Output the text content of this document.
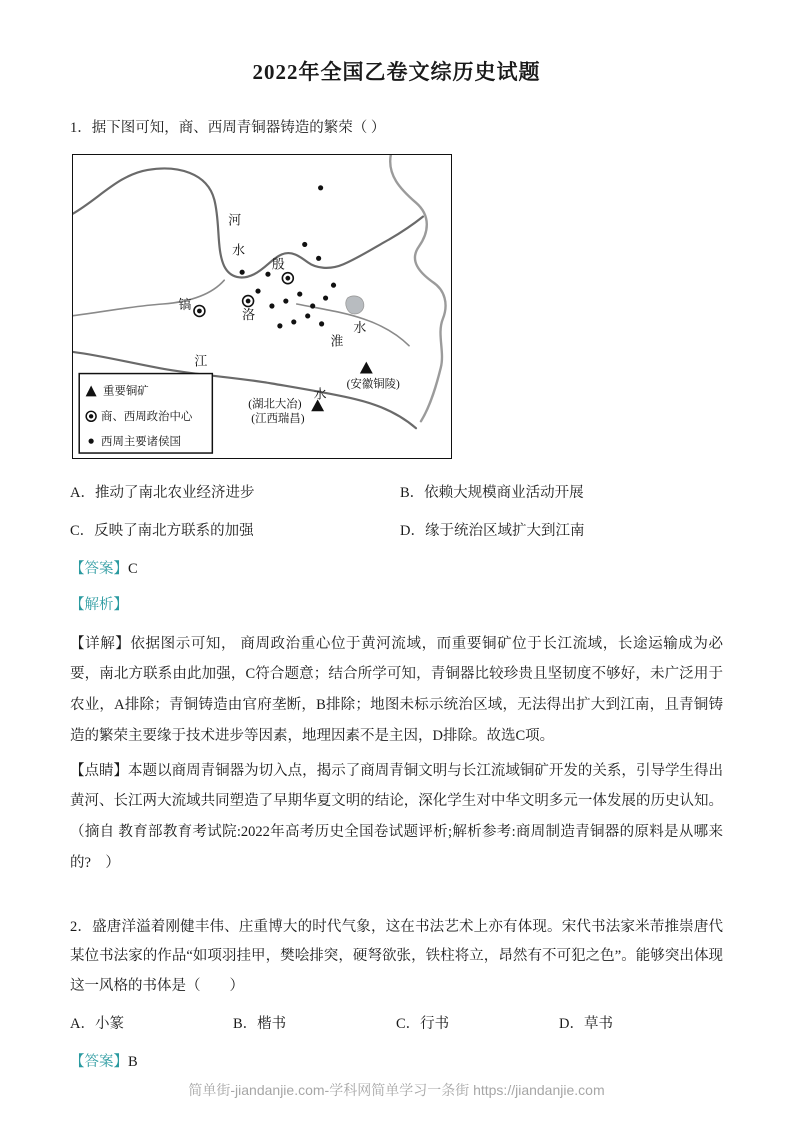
2022年全国乙卷文综历史试题
1．据下图可知，商、西周青铜器铸造的繁荣（ ）
河
水
水
淮
江
水
殷
镐
洛
(安徽铜陵)
(湖北大冶)
(江西瑞昌)
重要铜矿
商、西周政治中心
西周主要诸侯国
A．推动了南北农业经济进步	B．依赖大规模商业活动开展
C．反映了南北方联系的加强	D．缘于统治区域扩大到江南
【答案】C
【解析】
【详解】依据图示可知， 商周政治重心位于黄河流域，而重要铜矿位于长江流域，长途运输成为必要，南北方联系由此加强，C符合题意；结合所学可知，青铜器比较珍贵且坚韧度不够好，未广泛用于农业，A排除；青铜铸造由官府垄断，B排除；地图未标示统治区域，无法得出扩大到江南，且青铜铸造的繁荣主要缘于技术进步等因素，地理因素不是主因，D排除。故选C项。
【点睛】本题以商周青铜器为切入点，揭示了商周青铜文明与长江流域铜矿开发的关系，引导学生得出黄河、长江两大流域共同塑造了早期华夏文明的结论，深化学生对中华文明多元一体发展的历史认知。（摘自 教育部教育考试院:2022年高考历史全国卷试题评析;解析参考:商周制造青铜器的原料是从哪来的?　）
2．盛唐洋溢着刚健丰伟、庄重博大的时代气象，这在书法艺术上亦有体现。宋代书法家米芾推崇唐代某位书法家的作品“如项羽挂甲，樊哙排突，硬弩欲张，铁柱将立，昂然有不可犯之色”。能够突出体现这一风格的书体是（　　）
A．小篆	B．楷书	C．行书	D．草书
【答案】B
简单街-jiandanjie.com-学科网简单学习一条街 https://jiandanjie.com
